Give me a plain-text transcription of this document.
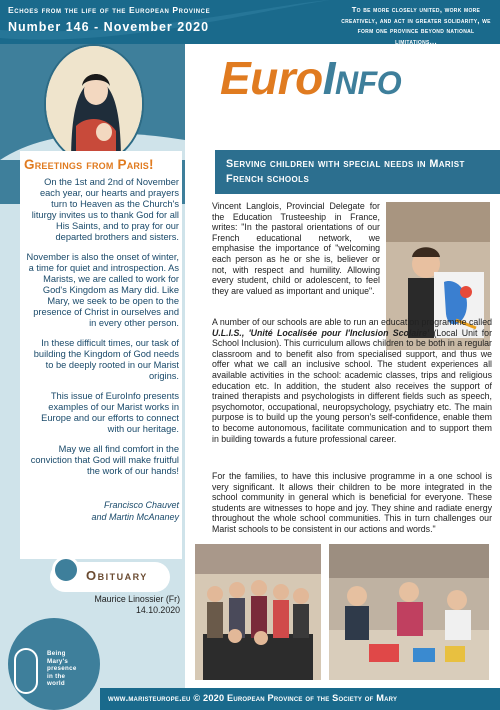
Echoes from the life of the European Province
Number 146 - November 2020
To be more closely united, work more creatively, and act in greater solidarity, we form one province beyond national limitations...
Greetings from Paris!

On the 1st and 2nd of November each year, our hearts and prayers turn to Heaven as the Church's liturgy invites us to thank God for all His Saints, and to pray for our departed brothers and sisters.

November is also the onset of winter, a time for quiet and introspection. As Marists, we are called to work for God's Kingdom as Mary did. Like Mary, we seek to be open to the presence of Christ in ourselves and in every other person.

In these difficult times, our task of building the Kingdom of God needs to be deeply rooted in our Marist origins.

This issue of EuroInfo presents examples of our Marist works in Europe and our efforts to connect with our heritage.

May we all find comfort in the conviction that God will make fruitful the work of our hands!

Francisco Chauvet
and Martin McAnaney
Obituary
Maurice Linossier (Fr)
14.10.2020
Being
Mary's
presence
in the
world
www.maristeurope.eu © 2020 European Province of the Society of Mary
EuroInfo
Serving children with special needs in Marist French schools
Vincent Langlois, Provincial Delegate for the Education Trusteeship in France, writes: "In the pastoral orientations of our French educational network, we emphasise the importance of "welcoming each person as he or she is, believer or not, with respect and humility. Allowing every student, child or adolescent, to feel they are valued as important and unique".
A number of our schools are able to run an education programme called U.L.I.S., 'Unité Localisée pour l'Inclusion Scolaire' (Local Unit for School Inclusion). This curriculum allows children to be both in a regular classroom and to benefit also from specialised support, and thus we offer what we call an inclusive school. The student experiences all available activities in the school: academic classes, trips and religious education etc. In addition, the student also receives the support of trained therapists and psychologists in different fields such as speech, psychomotor, occupational, neuropsychology, psychiatry etc. The main purpose is to build up the young person's self-confidence, enable them to become autonomous, facilitate communication and to support them in building towards a future professional career.
For the families, to have this inclusive programme in a one school is very significant. It allows their children to be more integrated in the school community in general which is beneficial for everyone. These students are witnesses to hope and joy. They shine and radiate energy throughout the whole school communities. This in turn challenges our Marist schools to be consistent in our actions and words."
